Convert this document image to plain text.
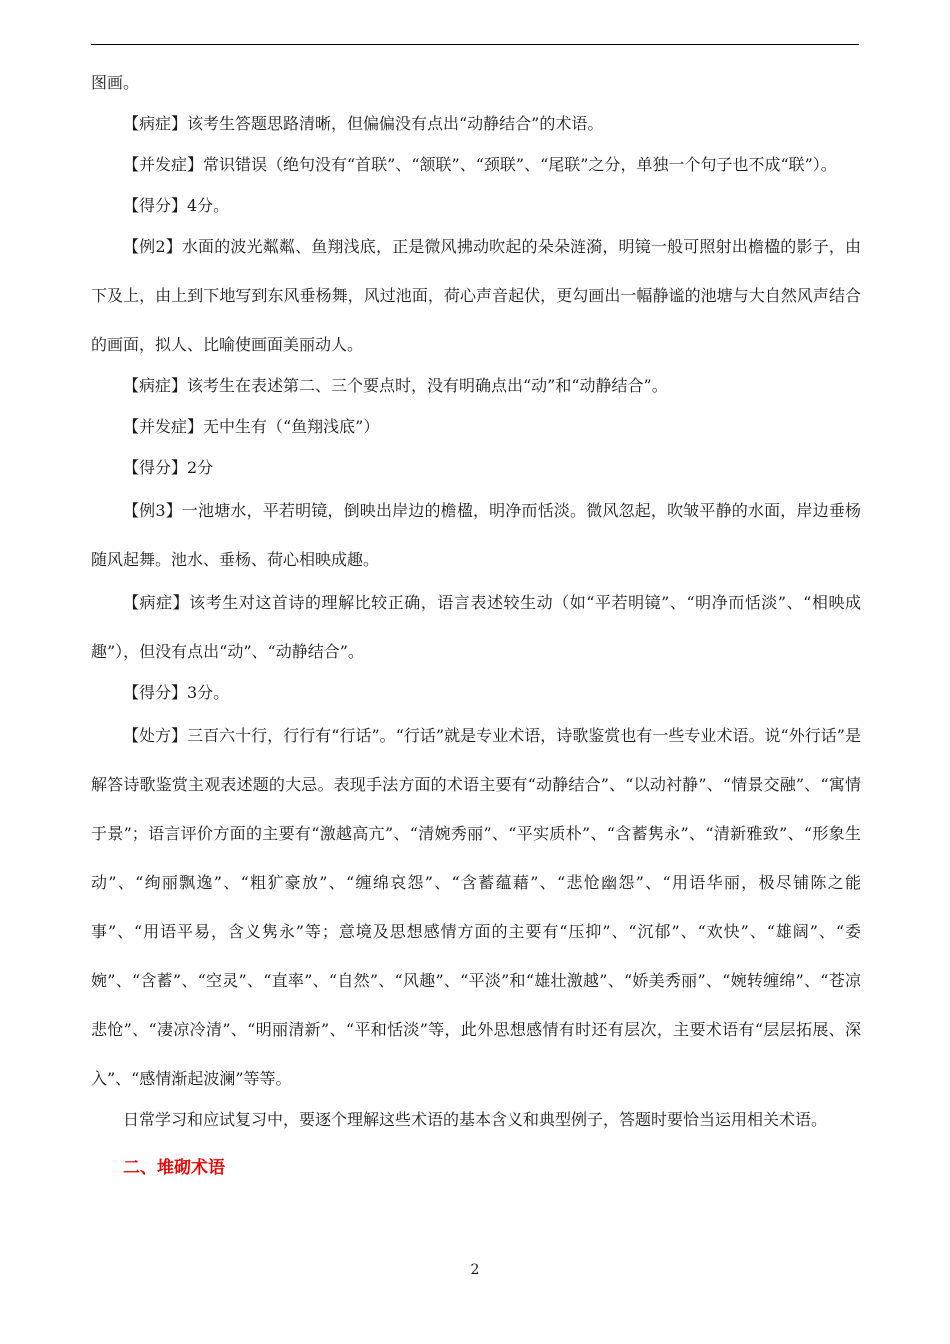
图画。

【病症】该考生答题思路清晰，但偏偏没有点出“动静结合”的术语。

【并发症】常识错误（绝句没有“首联”、“颔联”、“颈联”、“尾联”之分，单独一个句子也不成“联”）。

【得分】4分。

【例2】水面的波光粼粼、鱼翔浅底，正是微风拂动吹起的朵朵涟漪，明镜一般可照射出檐楹的影子，由下及上，由上到下地写到东风垂杨舞，风过池面，荷心声音起伏，更勾画出一幅静谧的池塘与大自然风声结合的画面，拟人、比喻使画面美丽动人。

【病症】该考生在表述第二、三个要点时，没有明确点出“动”和“动静结合”。

【并发症】无中生有（“鱼翔浅底”）

【得分】2分

【例3】一池塘水，平若明镜，倒映出岸边的檐楹，明净而恬淡。微风忽起，吹皱平静的水面，岸边垂杨随风起舞。池水、垂杨、荷心相映成趣。

【病症】该考生对这首诗的理解比较正确，语言表述较生动（如“平若明镜”、“明净而恬淡”、“相映成趣”），但没有点出“动”、“动静结合”。

【得分】3分。

【处方】三百六十行，行行有“行话”。“行话”就是专业术语，诗歌鉴赏也有一些专业术语。说“外行话”是解答诗歌鉴赏主观表述题的大忌。表现手法方面的术语主要有“动静结合”、“以动衬静”、“情景交融”、“寓情于景”；语言评价方面的主要有“激越高亢”、“清婉秀丽”、“平实质朴”、“含蓄隽永”、“清新雅致”、“形象生动”、“绚丽飘逸”、“粗犷豪放”、“缠绵哀怨”、“含蓄蕴藉”、“悲怆幽怨”、“用语华丽，极尽铺陈之能事”、“用语平易，含义隽永”等；意境及思想感情方面的主要有“压抑”、“沉郁”、“欢快”、“雄阔”、“委婉”、“含蓄”、“空灵”、“直率”、“自然”、“风趣”、“平淡”和“雄壮激越”、“娇美秀丽”、“婉转缠绵”、“苍凉悲怆”、“凄凉冷清”、“明丽清新”、“平和恬淡”等，此外思想感情有时还有层次，主要术语有“层层拓展、深入”、“感情渐起波澜”等等。

日常学习和应试复习中，要逐个理解这些术语的基本含义和典型例子，答题时要恰当运用相关术语。

二、堆砌术语

2
